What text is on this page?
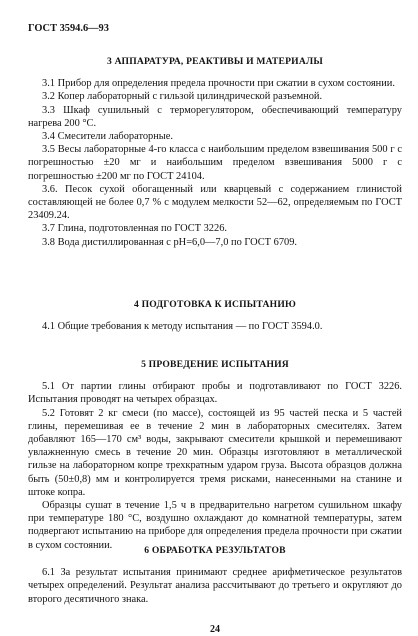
ГОСТ 3594.6—93
3 АППАРАТУРА, РЕАКТИВЫ И МАТЕРИАЛЫ
3.1 Прибор для определения предела прочности при сжатии в сухом состоянии.
3.2 Копер лабораторный с гильзой цилиндрической разъемной.
3.3 Шкаф сушильный с терморегулятором, обеспечивающий температуру нагрева 200 °С.
3.4 Смесители лабораторные.
3.5 Весы лабораторные 4-го класса с наибольшим пределом взвешивания 500 г с погрешностью ±20 мг и наибольшим пределом взвешивания 5000 г с погрешностью ±200 мг по ГОСТ 24104.
3.6. Песок сухой обогащенный или кварцевый с содержанием глинистой составляющей не более 0,7 % с модулем мелкости 52—62, определяемым по ГОСТ 23409.24.
3.7 Глина, подготовленная по ГОСТ 3226.
3.8 Вода дистиллированная с pH=6,0—7,0 по ГОСТ 6709.
4 ПОДГОТОВКА К ИСПЫТАНИЮ
4.1 Общие требования к методу испытания — по ГОСТ 3594.0.
5 ПРОВЕДЕНИЕ ИСПЫТАНИЯ
5.1 От партии глины отбирают пробы и подготавливают по ГОСТ 3226. Испытания проводят на четырех образцах.
5.2 Готовят 2 кг смеси (по массе), состоящей из 95 частей песка и 5 частей глины, перемешивая ее в течение 2 мин в лабораторных смесителях. Затем добавляют 165—170 см³ воды, закрывают смесители крышкой и перемешивают увлажненную смесь в течение 20 мин. Образцы изготовляют в металлической гильзе на лабораторном копре трехкратным ударом груза. Высота образцов должна быть (50±0,8) мм и контролируется тремя рисками, нанесенными на станине и штоке копра.
Образцы сушат в течение 1,5 ч в предварительно нагретом сушильном шкафу при температуре 180 °С, воздушно охлаждают до комнатной температуры, затем подвергают испытанию на приборе для определения предела прочности при сжатии в сухом состоянии.	6 ОБРАБОТКА РЕЗУЛЬТАТОВ
6.1 За результат испытания принимают среднее арифметическое результатов четырех определений. Результат анализа рассчитывают до третьего и округляют до второго десятичного знака.
24
